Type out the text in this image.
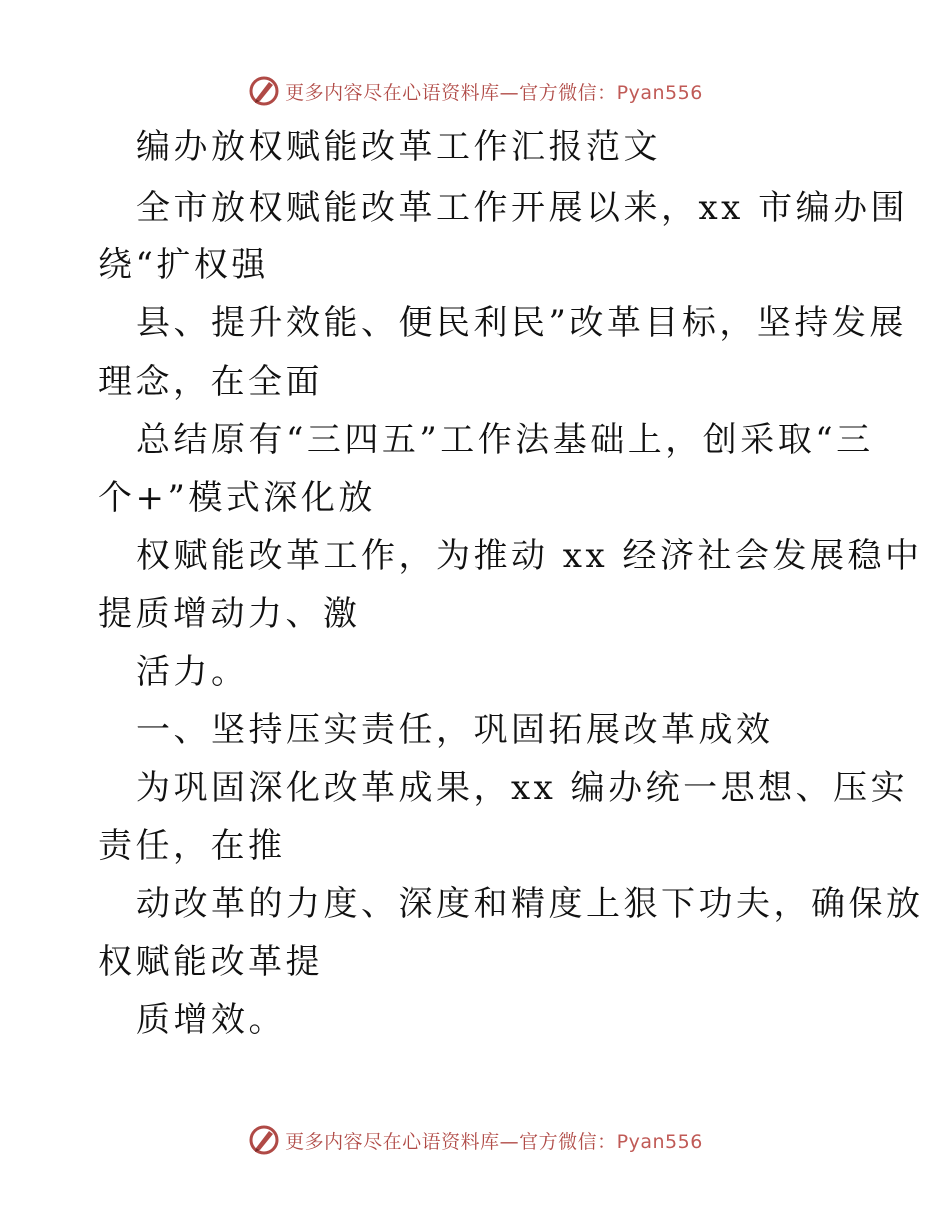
更多内容尽在心语资料库—官方微信：Pyan556
编办放权赋能改革工作汇报范文
全市放权赋能改革工作开展以来，xx 市编办围
绕“扩权强
县、提升效能、便民利民”改革目标，坚持发展
理念，在全面
总结原有“三四五”工作法基础上，创采取“三
个+”模式深化放
权赋能改革工作，为推动 xx 经济社会发展稳中
提质增动力、激
活力。
一、坚持压实责任，巩固拓展改革成效
为巩固深化改革成果，xx 编办统一思想、压实
责任，在推
动改革的力度、深度和精度上狠下功夫，确保放
权赋能改革提
质增效。
更多内容尽在心语资料库—官方微信：Pyan556
